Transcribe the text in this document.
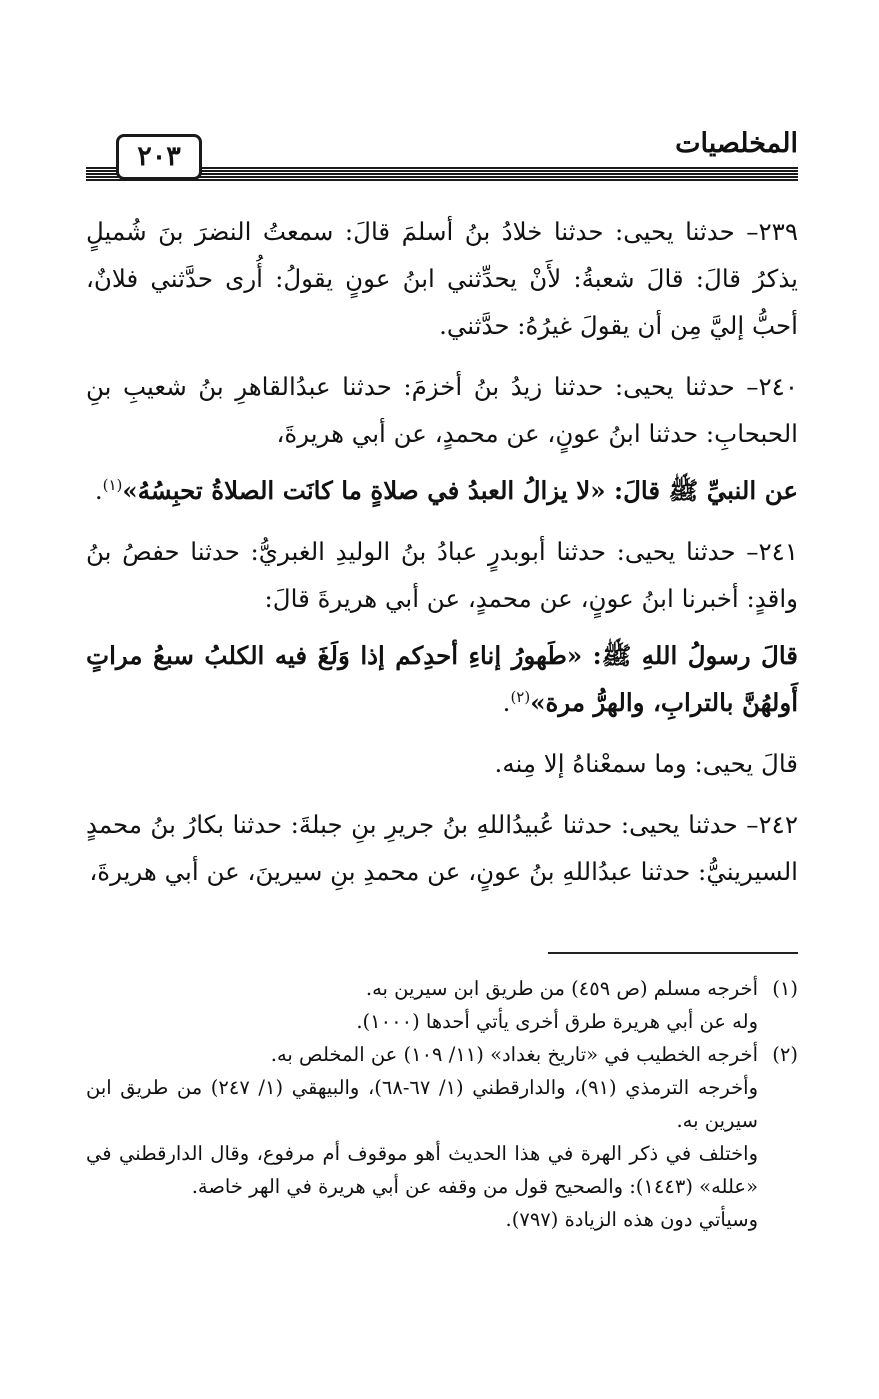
المخلصيات
٢٠٣

٢٣٩– حدثنا يحيى: حدثنا خلادُ بنُ أسلمَ قالَ: سمعتُ النضرَ بنَ شُميلٍ يذكرُ قالَ: قالَ شعبةُ: لأَنْ يحدِّثني ابنُ عونٍ يقولُ: أُرى حدَّثني فلانٌ، أحبُّ إليَّ مِن أن يقولَ غيرُهُ: حدَّثني.

٢٤٠– حدثنا يحيى: حدثنا زيدُ بنُ أخزمَ: حدثنا عبدُالقاهرِ بنُ شعيبِ بنِ الحبحابِ: حدثنا ابنُ عونٍ، عن محمدٍ، عن أبي هريرةَ،

عن النبيِّ ﷺ قالَ: «لا يزالُ العبدُ في صلاةٍ ما كانَت الصلاةُ تحبِسُهُ»$^{(١)}$.

٢٤١– حدثنا يحيى: حدثنا أبوبدرٍ عبادُ بنُ الوليدِ الغبريُّ: حدثنا حفصُ بنُ واقدٍ: أخبرنا ابنُ عونٍ، عن محمدٍ، عن أبي هريرةَ قالَ:

قالَ رسولُ اللهِ ﷺ: «طَهورُ إناءِ أحدِكم إذا وَلَغَ فيه الكلبُ سبعُ مراتٍ أَولهُنَّ بالترابِ، والهرُّ مرة»$^{(٢)}$.

قالَ يحيى: وما سمعْناهُ إلا مِنه.

٢٤٢– حدثنا يحيى: حدثنا عُبيدُاللهِ بنُ جريرِ بنِ جبلةَ: حدثنا بكارُ بنُ محمدٍ السيرينيُّ: حدثنا عبدُاللهِ بنُ عونٍ، عن محمدِ بنِ سيرينَ، عن أبي هريرةَ،

(١)أخرجه مسلم (ص ٤٥٩) من طريق ابن سيرين به.

وله عن أبي هريرة طرق أخرى يأتي أحدها (١٠٠٠).

(٢)أخرجه الخطيب في «تاريخ بغداد» (١١/ ١٠٩) عن المخلص به.

وأخرجه الترمذي (٩١)، والدارقطني (١/ ٦٧-٦٨)، والبيهقي (١/ ٢٤٧) من طريق ابن سيرين به.

واختلف في ذكر الهرة في هذا الحديث أهو موقوف أم مرفوع، وقال الدارقطني في «علله» (١٤٤٣): والصحيح قول من وقفه عن أبي هريرة في الهر خاصة.

وسيأتي دون هذه الزيادة (٧٩٧).
